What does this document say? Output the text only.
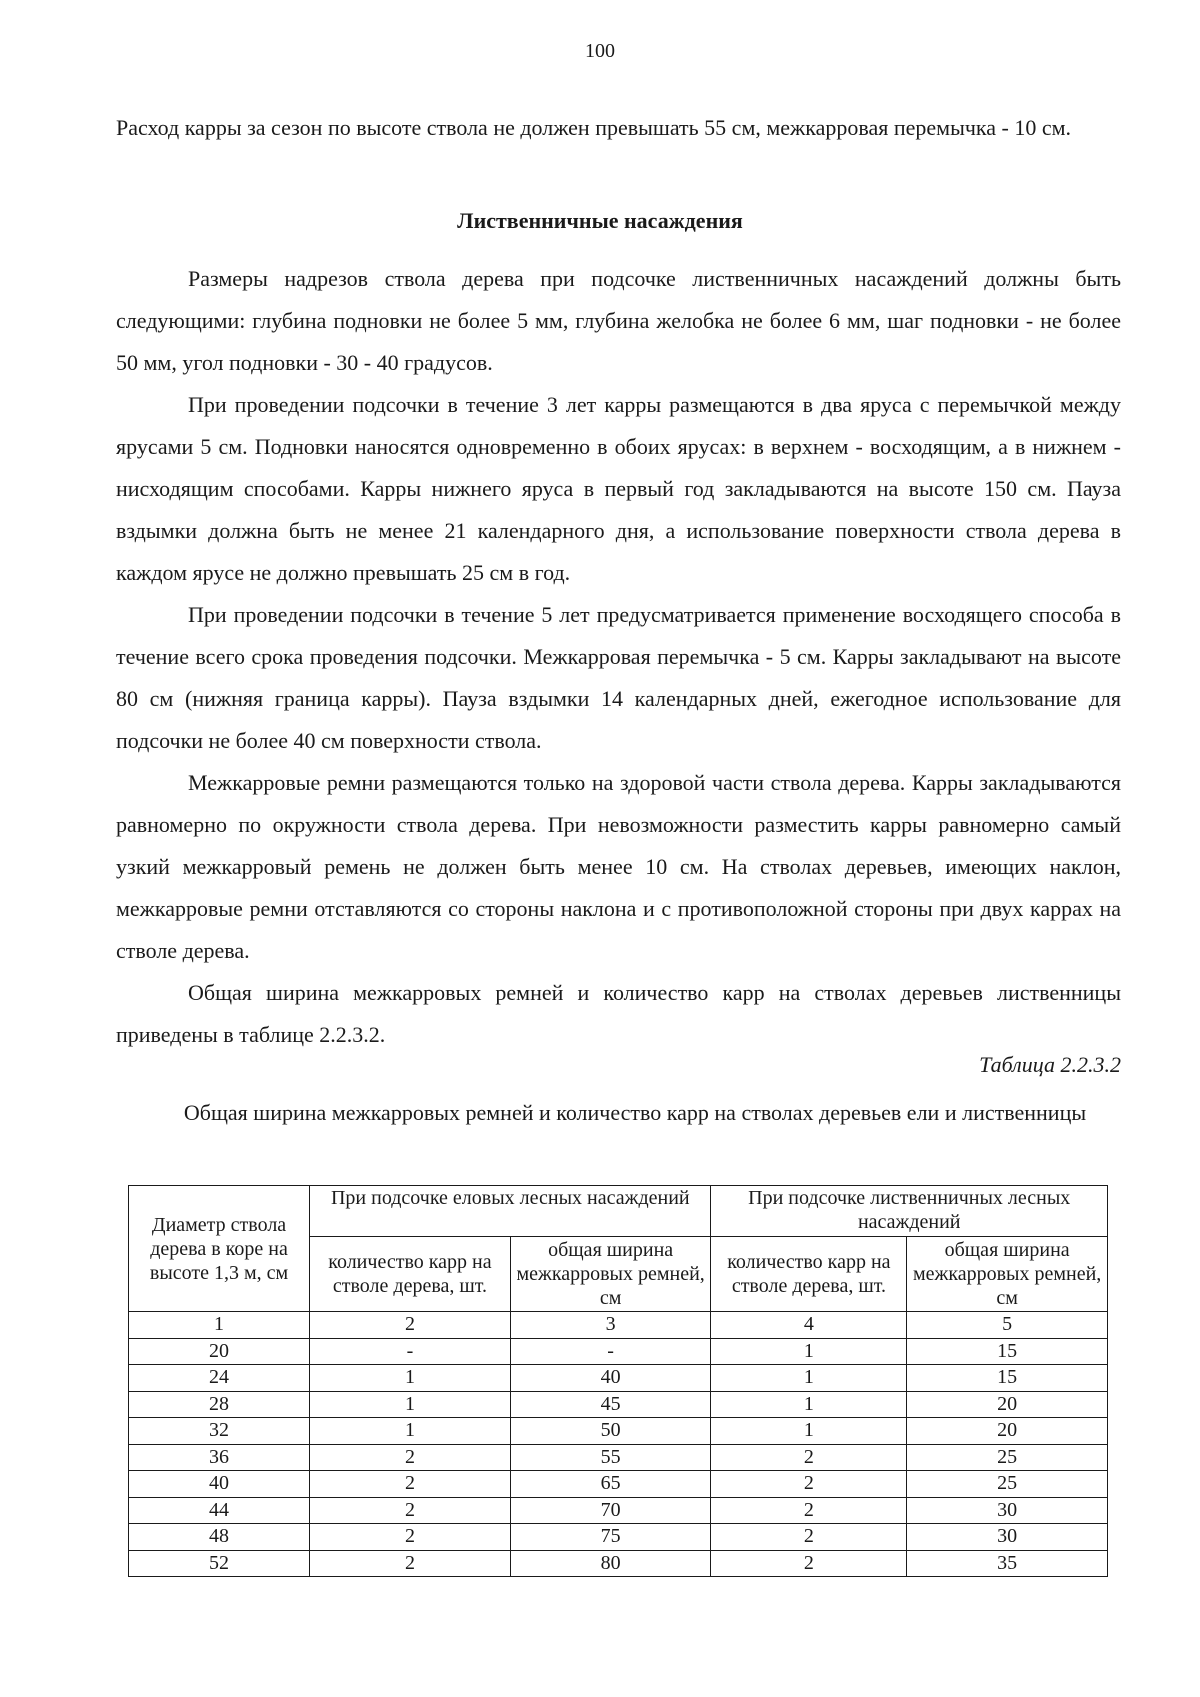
100

Расход карры за сезон по высоте ствола не должен превышать 55 см, межкарровая перемычка - 10 см.

Лиственничные насаждения

Размеры надрезов ствола дерева при подсочке лиственничных насаждений должны быть следующими: глубина подновки не более 5 мм, глубина желобка не более 6 мм, шаг подновки - не более 50 мм, угол подновки - 30 - 40 градусов.

При проведении подсочки в течение 3 лет карры размещаются в два яруса с перемычкой между ярусами 5 см. Подновки наносятся одновременно в обоих ярусах: в верхнем - восходящим, а в нижнем - нисходящим способами. Карры нижнего яруса в первый год закладываются на высоте 150 см. Пауза вздымки должна быть не менее 21 календарного дня, а использование поверхности ствола дерева в каждом ярусе не должно превышать 25 см в год.

При проведении подсочки в течение 5 лет предусматривается применение восходящего способа в течение всего срока проведения подсочки. Межкарровая перемычка - 5 см. Карры закладывают на высоте 80 см (нижняя граница карры). Пауза вздымки 14 календарных дней, ежегодное использование для подсочки не более 40 см поверхности ствола.

Межкарровые ремни размещаются только на здоровой части ствола дерева. Карры закладываются равномерно по окружности ствола дерева. При невозможности разместить карры равномерно самый узкий межкарровый ремень не должен быть менее 10 см. На стволах деревьев, имеющих наклон, межкарровые ремни отставляются со стороны наклона и с противоположной стороны при двух каррах на стволе дерева.

Общая ширина межкарровых ремней и количество карр на стволах деревьев лиственницы приведены в таблице 2.2.3.2.

Таблица 2.2.3.2
Общая ширина межкарровых ремней и количество карр на стволах деревьев ели и лиственницы
Диаметр ствола дерева в коре на высоте 1,3 м, см	При подсочке еловых лесных насаждений		При подсочке лиственничных лесных насаждений	
	количество карр на стволе дерева, шт.	общая ширина межкарровых ремней, см	количество карр на стволе дерева, шт.	общая ширина межкарровых ремней, см
1	2	3	4	5
20	-	-	1	15
24	1	40	1	15
28	1	45	1	20
32	1	50	1	20
36	2	55	2	25
40	2	65	2	25
44	2	70	2	30
48	2	75	2	30
52	2	80	2	35
